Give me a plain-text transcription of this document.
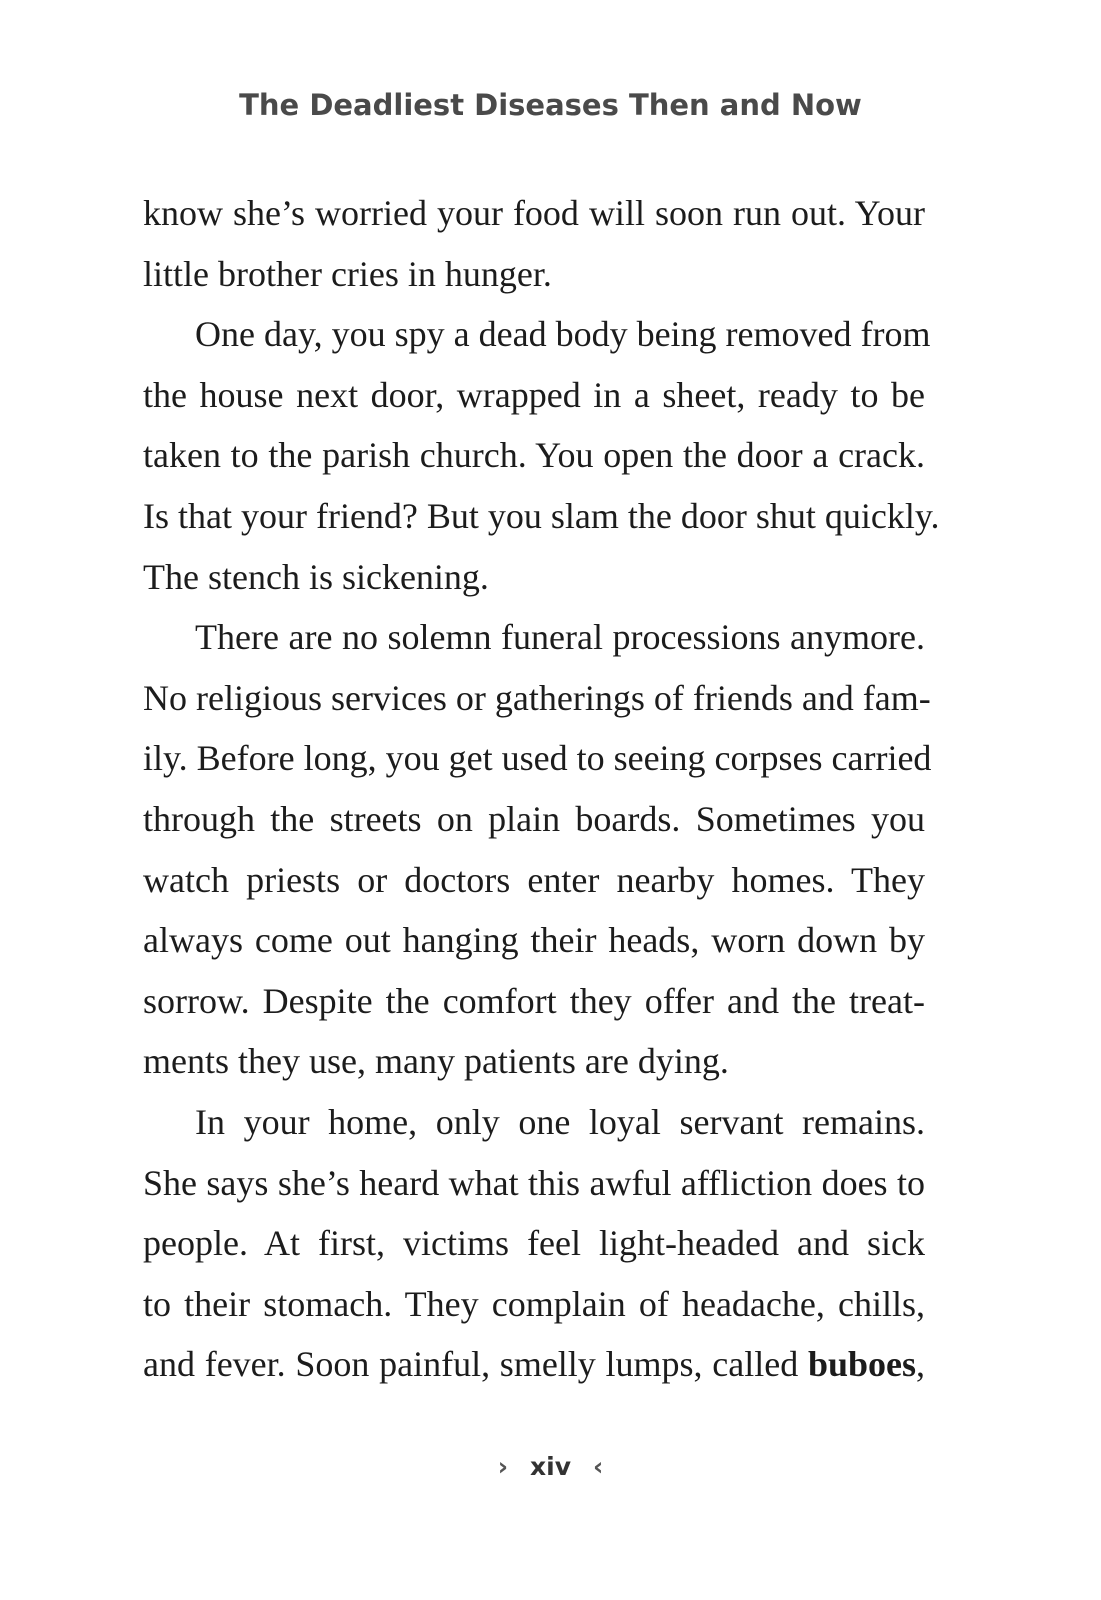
The Deadliest Diseases Then and Now
know she’s worried your food will soon run out. Your
little brother cries in hunger.
One day, you spy a dead body being removed from
the house next door, wrapped in a sheet, ready to be
taken to the parish church. You open the door a crack.
Is that your friend? But you slam the door shut quickly.
The stench is sickening.
There are no solemn funeral processions anymore.
No religious services or gatherings of friends and fam-
ily. Before long, you get used to seeing corpses carried
through the streets on plain boards. Sometimes you
watch priests or doctors enter nearby homes. They
always come out hanging their heads, worn down by
sorrow. Despite the comfort they offer and the treat-
ments they use, many patients are dying.
In your home, only one loyal servant remains.
She says she’s heard what this awful affliction does to
people. At first, victims feel light-headed and sick
to their stomach. They complain of headache, chills,
and fever. Soon painful, smelly lumps, called buboes,
› xiv ‹
